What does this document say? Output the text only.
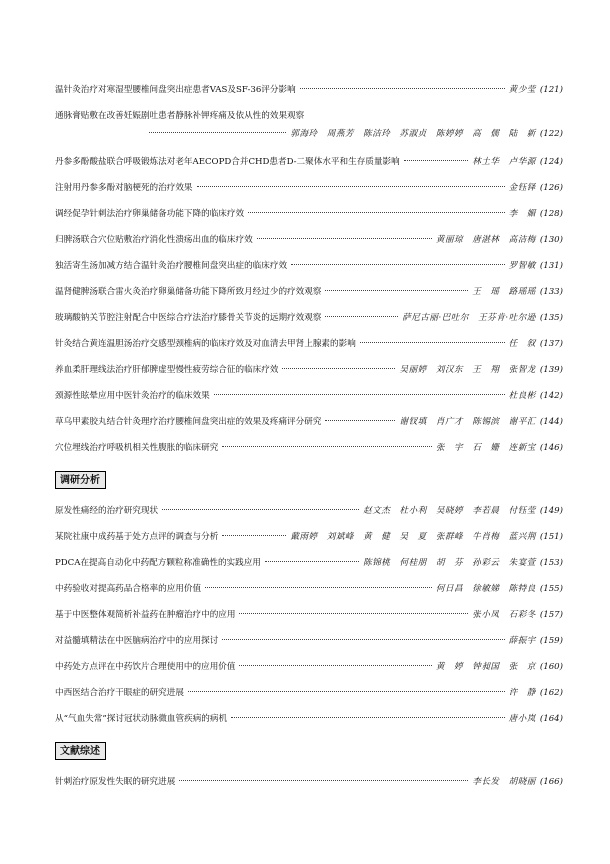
温针灸治疗对寒湿型腰椎间盘突出症患者VAS及SF-36评分影响	黄少莹 (121)
通脉膏贴敷在改善妊娠剧吐患者静脉补钾疼痛及依从性的效果观察
郭海玲　周燕芳　陈洁玲　苏淑贞　陈婷婷　高　儒　陆　新 (122)
丹参多酚酸盐联合呼吸锻炼法对老年AECOPD合并CHD患者D-二聚体水平和生存质量影响	林土华　卢华源 (124)
注射用丹参多酚对脑梗死的治疗效果	金钰铎 (126)
调经促孕针刺法治疗卵巢储备功能下降的临床疗效	李　媚 (128)
归脾汤联合穴位贴敷治疗消化性溃疡出血的临床疗效	黄丽琼　唐湛林　高洁梅 (130)
独活寄生汤加减方结合温针灸治疗腰椎间盘突出症的临床疗效	罗智敏 (131)
温肾健脾汤联合雷火灸治疗卵巢储备功能下降所致月经过少的疗效观察	王　瑶　路瑶瑶 (133)
玻璃酸钠关节腔注射配合中医综合疗法治疗膝骨关节炎的远期疗效观察	萨尼古丽·巴吐尔　王芬肯·吐尔逊 (135)
针灸结合黄连温胆汤治疗交感型颈椎病的临床疗效及对血清去甲肾上腺素的影响	任　叙 (137)
养血柔肝理线法治疗肝郁脾虚型慢性疲劳综合征的临床疗效	吴丽婷　刘汉东　王　翔　张智龙 (139)
颈源性眩晕应用中医针灸治疗的临床效果	杜良彬 (142)
草乌甲素胶丸结合针灸理疗治疗腰椎间盘突出症的效果及疼痛评分研究	谢钗填　肖广才　陈锡滨　谢平汇 (144)
穴位埋线治疗呼吸机相关性腹胀的临床研究	张　宇　石　姗　连新宝 (146)
调研分析
原发性痛经的治疗研究现状	赵文杰　杜小利　吴晓婷　李若晨　付钰莹 (149)
某院社康中成药基于处方点评的调查与分析	戴雨婷　刘斌峰　黄　健　吴　夏　张群峰　牛肖梅　蓝兴荆 (151)
PDCA在提高自动化中药配方颗粒称准确性的实践应用	陈锦桃　何桂朋　胡　芬　孙彩云　朱宴萱 (153)
中药验收对提高药品合格率的应用价值	何日昌　徐敏娣　陈特良 (155)
基于中医整体观简析补益药在肿瘤治疗中的应用	张小凤　石彩冬 (157)
对益髓填精法在中医脑病治疗中的应用探讨	薛振宇 (159)
中药处方点评在中药饮片合理使用中的应用价值	黄　婷　钟昶国　张　京 (160)
中西医结合治疗干眼症的研究进展	许　静 (162)
从“气血失常”探讨冠状动脉微血管疾病的病机	唐小岚 (164)
文献综述
针刺治疗原发性失眠的研究进展	李长发　胡晓丽 (166)
